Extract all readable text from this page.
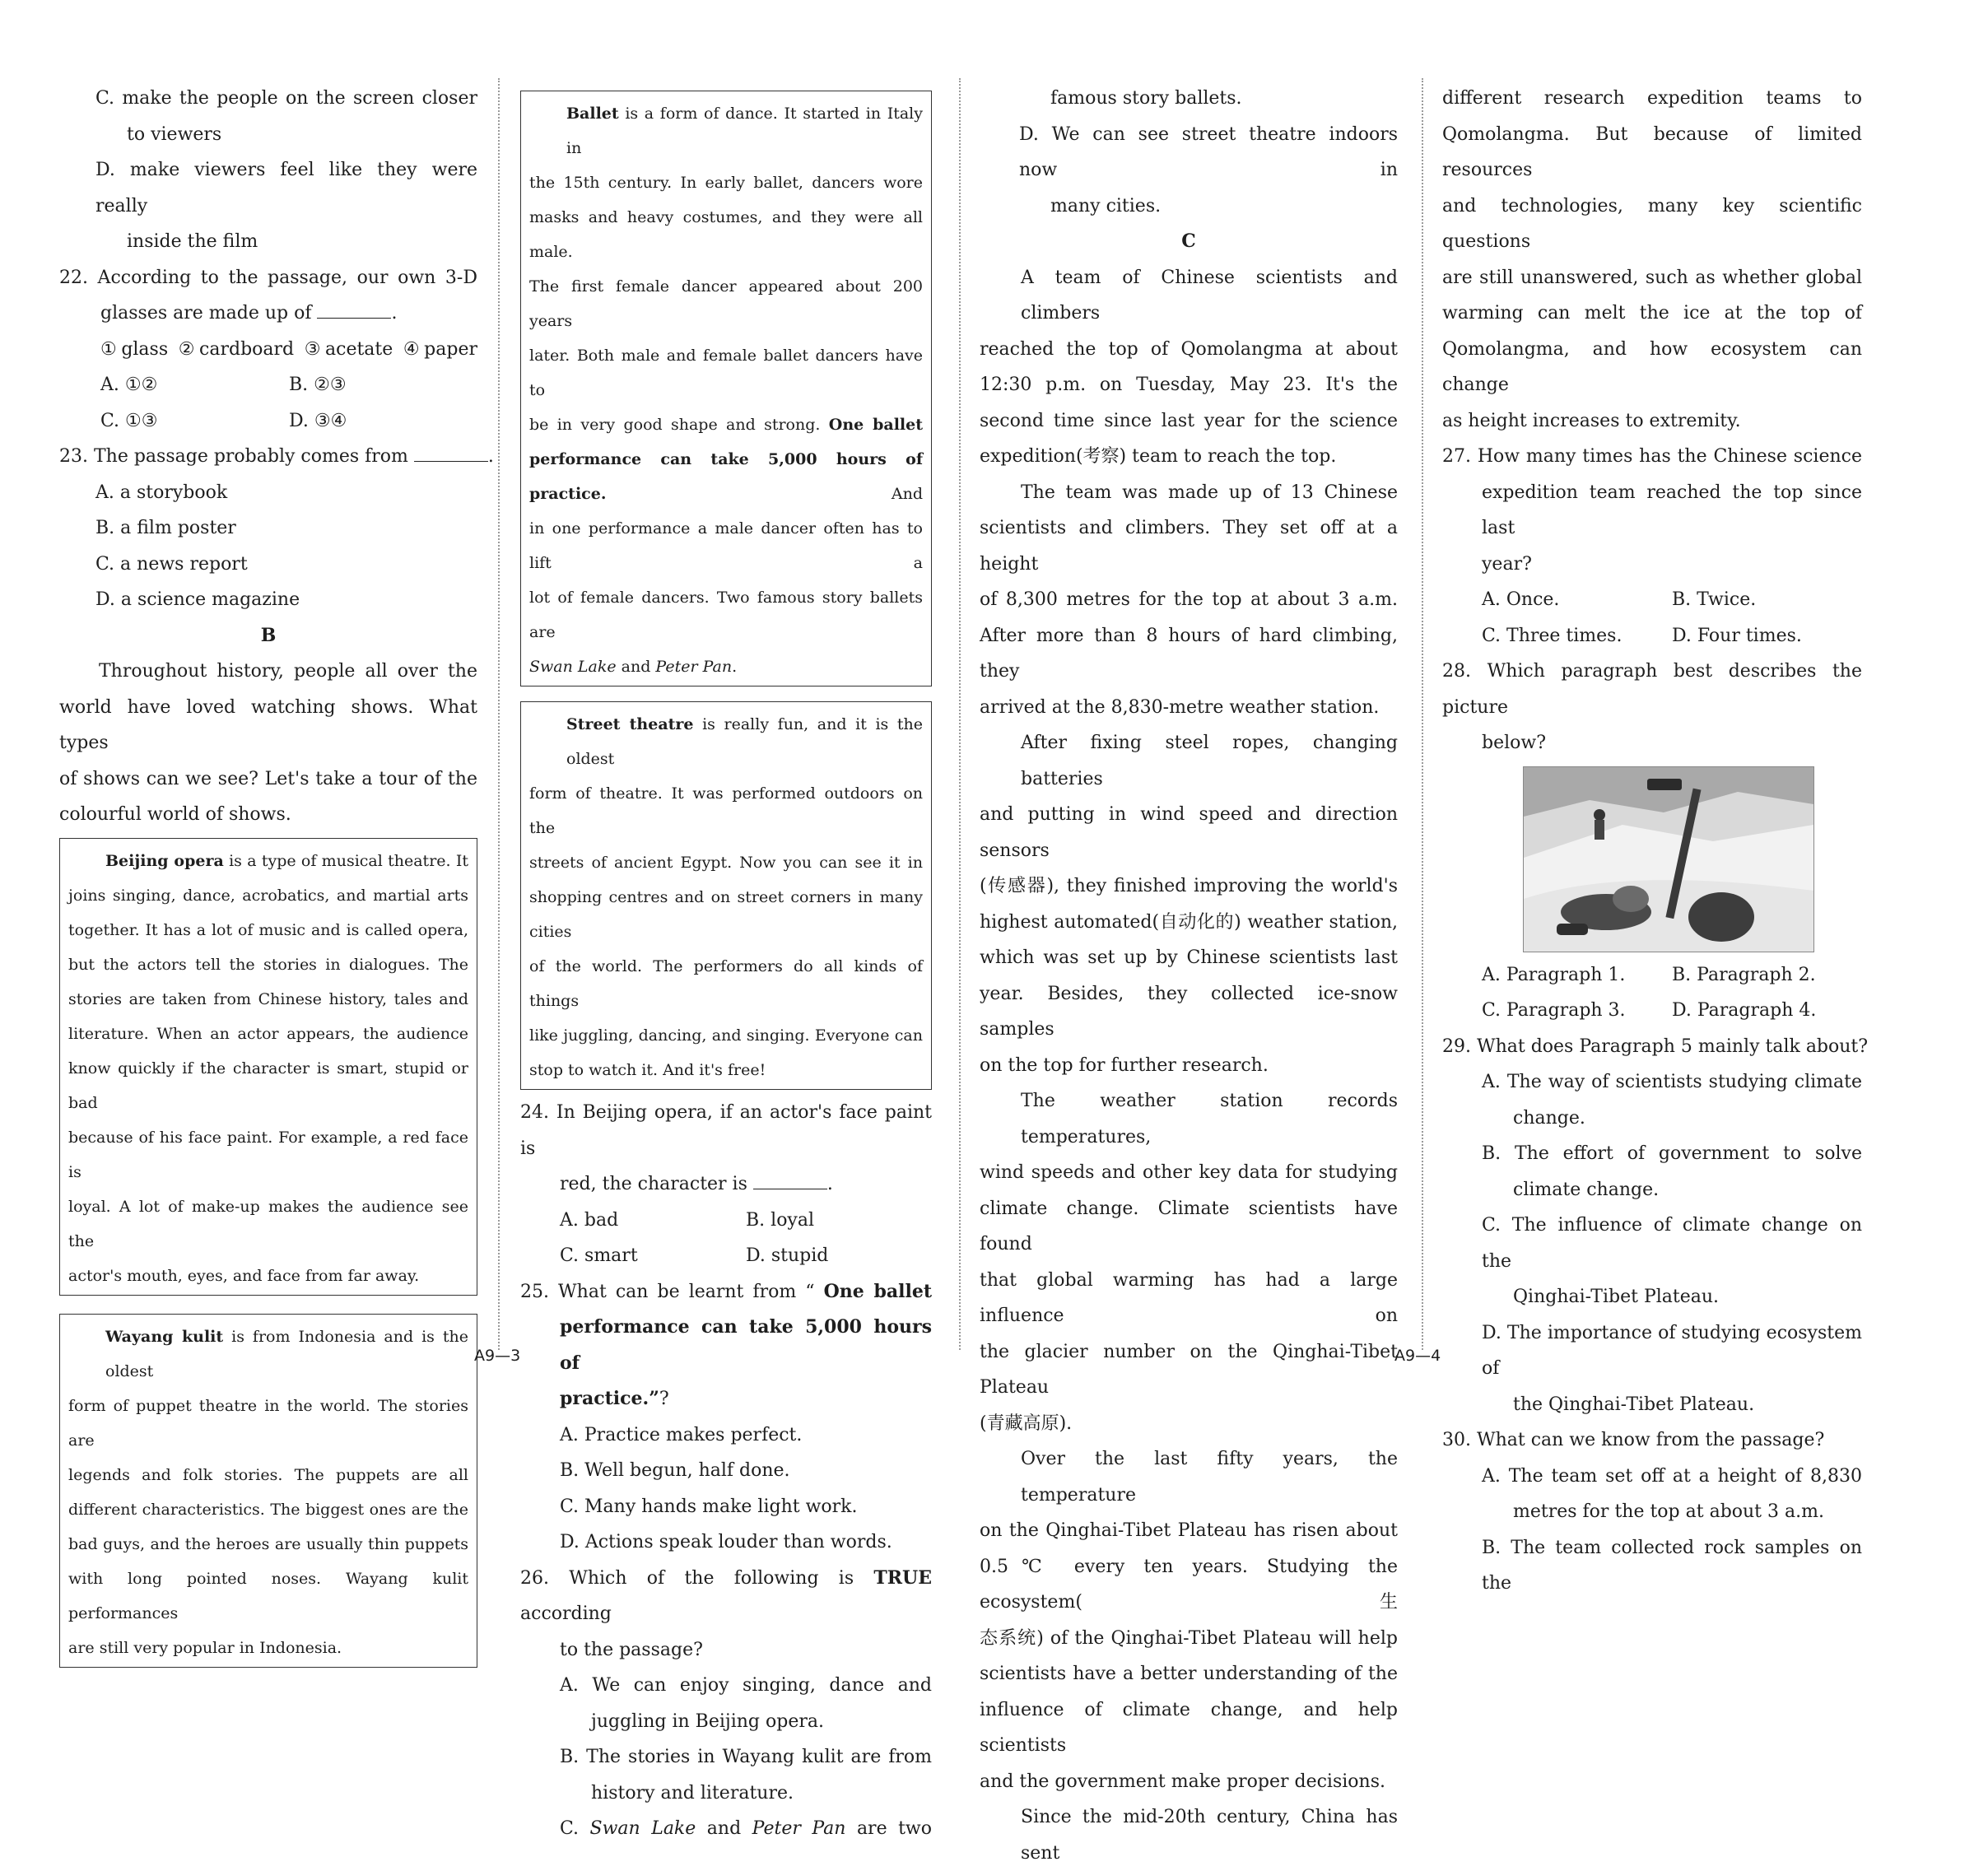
C. make the people on the screen closer
to viewers
D. make viewers feel like they were really
inside the film
22. According to the passage, our own 3-D
glasses are made up of	.
①glass ②cardboard ③acetate ④paper
A. ①②	B. ②③
C. ①③	D. ③④
23. The passage probably comes from	.
A. a storybook
B. a film poster
C. a news report
D. a science magazine
B
Throughout history, people all over the
world have loved watching shows. What types
of shows can we see? Let's take a tour of the
colourful world of shows.
Beijing opera is a type of musical theatre. It
joins singing, dance, acrobatics, and martial arts
together. It has a lot of music and is called opera,
but the actors tell the stories in dialogues. The
stories are taken from Chinese history, tales and
literature. When an actor appears, the audience
know quickly if the character is smart, stupid or bad
because of his face paint. For example, a red face is
loyal. A lot of make-up makes the audience see the
actor's mouth, eyes, and face from far away.
Wayang kulit is from Indonesia and is the oldest
form of puppet theatre in the world. The stories are
legends and folk stories. The puppets are all
different characteristics. The biggest ones are the
bad guys, and the heroes are usually thin puppets
with long pointed noses. Wayang kulit performances
are still very popular in Indonesia.
Ballet is a form of dance. It started in Italy in
the 15th century. In early ballet, dancers wore
masks and heavy costumes, and they were all male.
The first female dancer appeared about 200 years
later. Both male and female ballet dancers have to
be in very good shape and strong. One ballet
performance can take 5,000 hours of practice. And
in one performance a male dancer often has to lift a
lot of female dancers. Two famous story ballets are
Swan Lake and Peter Pan.
Street theatre is really fun, and it is the oldest
form of theatre. It was performed outdoors on the
streets of ancient Egypt. Now you can see it in
shopping centres and on street corners in many cities
of the world. The performers do all kinds of things
like juggling, dancing, and singing. Everyone can
stop to watch it. And it's free!
24. In Beijing opera, if an actor's face paint is
red, the character is	.
A. bad	B. loyal
C. smart	D. stupid
25. What can be learnt from “ One ballet
performance can take 5,000 hours of
practice.”?
A. Practice makes perfect.
B. Well begun, half done.
C. Many hands make light work.
D. Actions speak louder than words.
26. Which of the following is TRUE according
to the passage?
A. We can enjoy singing, dance and
juggling in Beijing opera.
B. The stories in Wayang kulit are from
history and literature.
C. Swan Lake and Peter Pan are two
famous story ballets.
D. We can see street theatre indoors now in
many cities.
C
A team of Chinese scientists and climbers
reached the top of Qomolangma at about
12:30 p.m. on Tuesday, May 23. It's the
second time since last year for the science
expedition(考察) team to reach the top.
The team was made up of 13 Chinese
scientists and climbers. They set off at a height
of 8,300 metres for the top at about 3 a.m.
After more than 8 hours of hard climbing, they
arrived at the 8,830-metre weather station.
After fixing steel ropes, changing batteries
and putting in wind speed and direction sensors
(传感器), they finished improving the world's
highest automated(自动化的) weather station,
which was set up by Chinese scientists last
year. Besides, they collected ice-snow samples
on the top for further research.
The weather station records temperatures,
wind speeds and other key data for studying
climate change. Climate scientists have found
that global warming has had a large influence on
the glacier number on the Qinghai-Tibet Plateau
(青藏高原).
Over the last fifty years, the temperature
on the Qinghai-Tibet Plateau has risen about
0.5℃ every ten years. Studying the ecosystem(生
态系统) of the Qinghai-Tibet Plateau will help
scientists have a better understanding of the
influence of climate change, and help scientists
and the government make proper decisions.
Since the mid-20th century, China has sent
different research expedition teams to
Qomolangma. But because of limited resources
and technologies, many key scientific questions
are still unanswered, such as whether global
warming can melt the ice at the top of
Qomolangma, and how ecosystem can change
as height increases to extremity.
27. How many times has the Chinese science
expedition team reached the top since last
year?
A. Once.	B. Twice.
C. Three times.	D. Four times.
28. Which paragraph best describes the picture
below?
A. Paragraph 1.	B. Paragraph 2.
C. Paragraph 3.	D. Paragraph 4.
29. What does Paragraph 5 mainly talk about?
A. The way of scientists studying climate
change.
B. The effort of government to solve
climate change.
C. The influence of climate change on the
Qinghai-Tibet Plateau.
D. The importance of studying ecosystem of
the Qinghai-Tibet Plateau.
30. What can we know from the passage?
A. The team set off at a height of 8,830
metres for the top at about 3 a.m.
B. The team collected rock samples on the
A9—3	A9—4
